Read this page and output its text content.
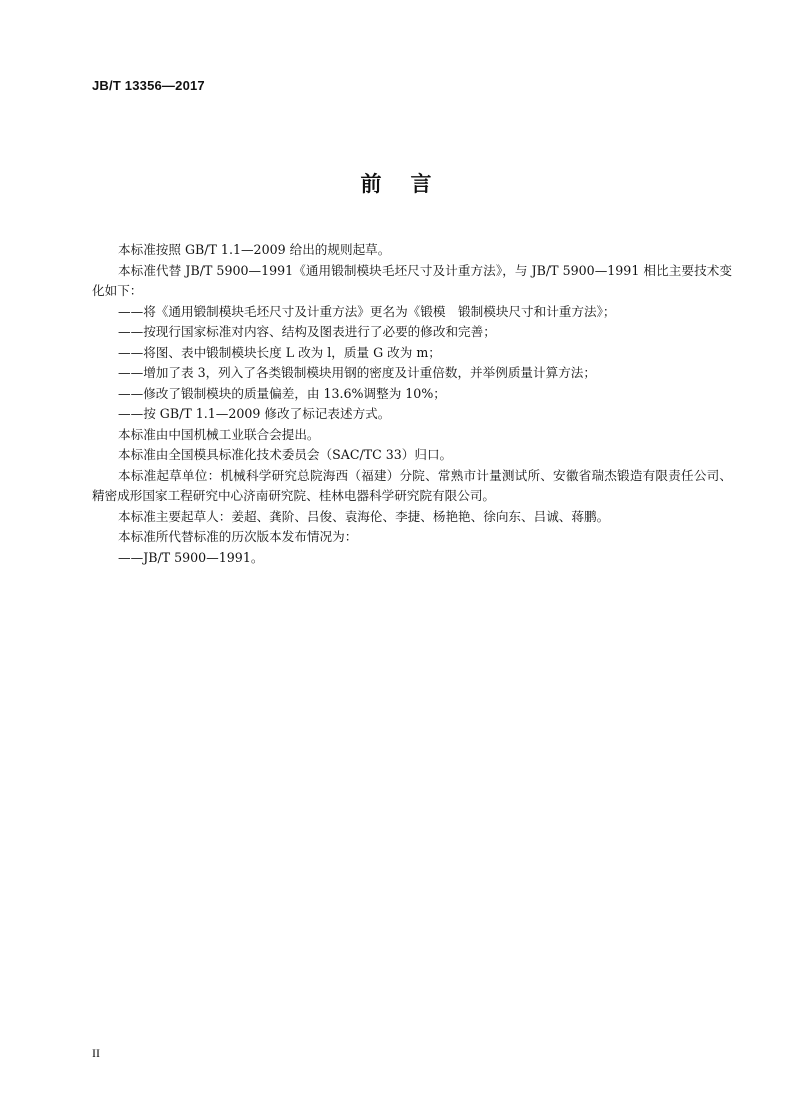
JB/T 13356—2017
前言

本标准按照 GB/T 1.1—2009 给出的规则起草。

本标准代替 JB/T 5900—1991《通用锻制模块毛坯尺寸及计重方法》，与 JB/T 5900—1991 相比主要技术变化如下：

——将《通用锻制模块毛坯尺寸及计重方法》更名为《锻模　锻制模块尺寸和计重方法》；

——按现行国家标准对内容、结构及图表进行了必要的修改和完善；

——将图、表中锻制模块长度 L 改为 l，质量 G 改为 m；

——增加了表 3，列入了各类锻制模块用钢的密度及计重倍数，并举例质量计算方法；

——修改了锻制模块的质量偏差，由 13.6%调整为 10%；

——按 GB/T 1.1—2009 修改了标记表述方式。

本标准由中国机械工业联合会提出。

本标准由全国模具标准化技术委员会（SAC/TC 33）归口。

本标准起草单位：机械科学研究总院海西（福建）分院、常熟市计量测试所、安徽省瑞杰锻造有限责任公司、精密成形国家工程研究中心济南研究院、桂林电器科学研究院有限公司。

本标准主要起草人：姜超、龚阶、吕俊、袁海伦、李捷、杨艳艳、徐向东、吕诚、蒋鹏。

本标准所代替标准的历次版本发布情况为：

——JB/T 5900—1991。

II
